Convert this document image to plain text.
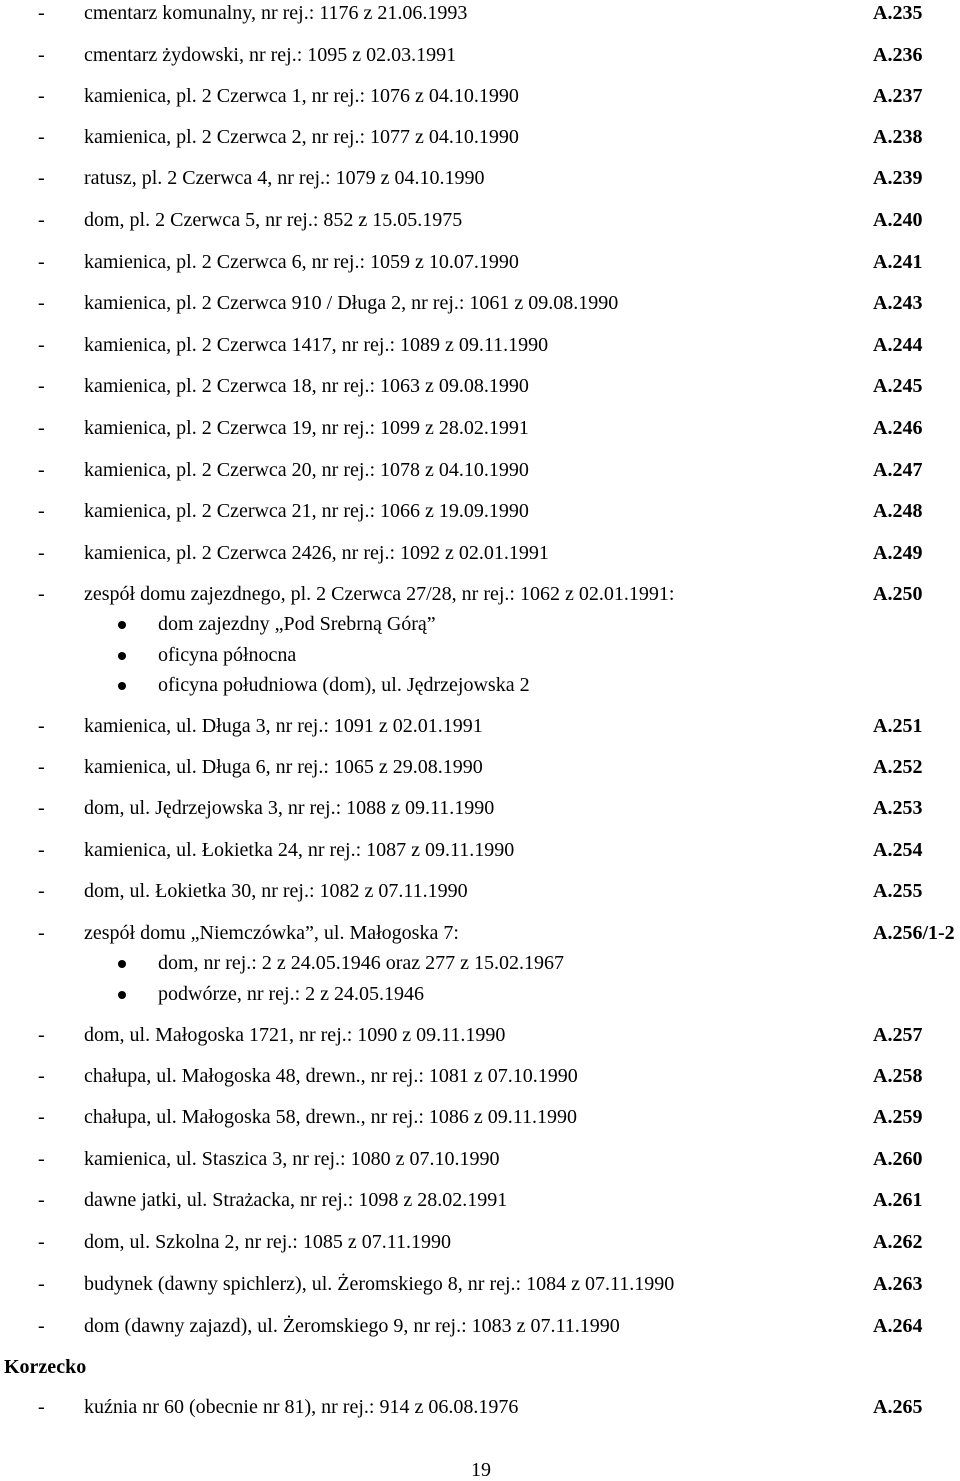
- cmentarz komunalny, nr rej.: 1176 z 21.06.1993	A.235
- cmentarz żydowski, nr rej.: 1095 z 02.03.1991	A.236
- kamienica, pl. 2 Czerwca 1, nr rej.: 1076 z 04.10.1990	A.237
- kamienica, pl. 2 Czerwca 2, nr rej.: 1077 z 04.10.1990	A.238
- ratusz, pl. 2 Czerwca 4, nr rej.: 1079 z 04.10.1990	A.239
- dom, pl. 2 Czerwca 5, nr rej.: 852 z 15.05.1975	A.240
- kamienica, pl. 2 Czerwca 6, nr rej.: 1059 z 10.07.1990	A.241
- kamienica, pl. 2 Czerwca 910 / Długa 2, nr rej.: 1061 z 09.08.1990	A.243
- kamienica, pl. 2 Czerwca 1417, nr rej.: 1089 z 09.11.1990	A.244
- kamienica, pl. 2 Czerwca 18, nr rej.: 1063 z 09.08.1990	A.245
- kamienica, pl. 2 Czerwca 19, nr rej.: 1099 z 28.02.1991	A.246
- kamienica, pl. 2 Czerwca 20, nr rej.: 1078 z 04.10.1990	A.247
- kamienica, pl. 2 Czerwca 21, nr rej.: 1066 z 19.09.1990	A.248
- kamienica, pl. 2 Czerwca 2426, nr rej.: 1092 z 02.01.1991	A.249
- zespół domu zajezdnego, pl. 2 Czerwca 27/28, nr rej.: 1062 z 02.01.1991:	A.250
dom zajezdny „Pod Srebrną Górą”
oficyna północna
oficyna południowa (dom), ul. Jędrzejowska 2
- kamienica, ul. Długa 3, nr rej.: 1091 z 02.01.1991	A.251
- kamienica, ul. Długa 6, nr rej.: 1065 z 29.08.1990	A.252
- dom, ul. Jędrzejowska 3, nr rej.: 1088 z 09.11.1990	A.253
- kamienica, ul. Łokietka 24, nr rej.: 1087 z 09.11.1990	A.254
- dom, ul. Łokietka 30, nr rej.: 1082 z 07.11.1990	A.255
- zespół domu „Niemczówka”, ul. Małogoska 7:	A.256/1-2
dom, nr rej.: 2 z 24.05.1946 oraz 277 z 15.02.1967
podwórze, nr rej.: 2 z 24.05.1946
- dom, ul. Małogoska 1721, nr rej.: 1090 z 09.11.1990	A.257
- chałupa, ul. Małogoska 48, drewn., nr rej.: 1081 z 07.10.1990	A.258
- chałupa, ul. Małogoska 58, drewn., nr rej.: 1086 z 09.11.1990	A.259
- kamienica, ul. Staszica 3, nr rej.: 1080 z 07.10.1990	A.260
- dawne jatki, ul. Strażacka, nr rej.: 1098 z 28.02.1991	A.261
- dom, ul. Szkolna 2, nr rej.: 1085 z 07.11.1990	A.262
- budynek (dawny spichlerz), ul. Żeromskiego 8, nr rej.: 1084 z 07.11.1990	A.263
- dom (dawny zajazd), ul. Żeromskiego 9, nr rej.: 1083 z 07.11.1990	A.264
Korzecko
- kuźnia nr 60 (obecnie nr 81), nr rej.: 914 z 06.08.1976	A.265
19
